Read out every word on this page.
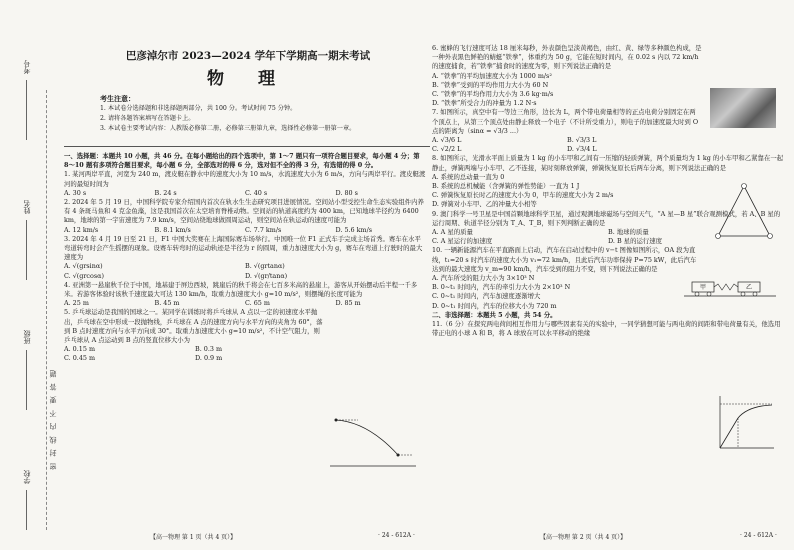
密 封 线 内 不 要 答 题
考号
姓名
班级
学校
巴彦淖尔市 2023—2024 学年下学期高一期末考试
物 理

考生注意：

1. 本试卷分选择题和非选择题两部分，共 100 分。考试时间 75 分钟。

2. 请将各题答案填写在答题卡上。

3. 本试卷主要考试内容：人教版必修第二册，必修第三册第九章，选择性必修第一册第一章。

一、选择题：本题共 10 小题，共 46 分。在每小题给出的四个选项中，第 1～7 题只有一项符合题目要求，每小题 4 分；第 8～10 题有多项符合题目要求，每小题 6 分，全部选对的得 6 分，选对但不全的得 3 分，有选错的得 0 分。

1. 某河两岸平直，河宽为 240 m，渡皮艇在静水中的速度大小为 10 m/s，水流速度大小为 6 m/s，方向与两岸平行。渡皮艇渡河的最短时间为

A. 30 s	B. 24 s	C. 40 s	D. 80 s

2. 2024 年 5 月 19 日，中国科学院专家介绍国内首次在轨水生生态研究项目进展情况。空间站小型受控生命生态实验组件内养有 4 条斑马鱼和 4 克金鱼藻，这是我国首次在太空培育脊椎动物。空间站的轨道高度约为 400 km，已知地球半径约为 6400 km，地球的第一宇宙速度为 7.9 km/s，空间站绕地球做圆周运动，则空间站在轨运动的速度可能为

A. 12 km/s	B. 8.1 km/s	C. 7.7 km/s	D. 5.6 km/s

3. 2024 年 4 月 19 日至 21 日，F1 中国大奖赛在上海国际赛车场举行。中国唯一位 F1 正式车手完成主场首秀。赛车在水平弯道转弯时会产生摇摆的现象。设赛车转弯时的运动轨迹是半径为 r 的圆周，重力加速度大小为 g，赛车在弯道上行驶时的最大速度为

A. √(grsinα)	B. √(grtanα)
C. √(grcosα)	D. √(gr/tanα)

4. 亚洲第一悬崖秋千位于中国，地基建于屏边西坡，跳崖后的秋千将会在七百多米高的悬崖上，游客从开始摆动后半程一千多米。若游客体验时该秋千速度最大可达 130 km/h，取重力加速度大小 g=10 m/s²，则摆绳的长度可能为

A. 25 m	B. 45 m	C. 65 m	D. 85 m

5. 乒乓球运动是我国的国球之一。某同学在训练时将乒乓球从 A 点以一定的初速度水平抛出，乒乓球在空中形成一段抛物线，乒乓球在 A 点的速度方向与水平方向的夹角为 60°，落到 B 点时速度方向与水平方向成 30°。取重力加速度大小 g=10 m/s²，不计空气阻力，则乒乓球从 A 点运动到 B 点的竖直位移大小为

A. 0.15 m	B. 0.3 m
C. 0.45 m	D. 0.9 m
【高一物理 第 1 页（共 4 页）】	· 24 - 612A ·

6. 蜜蜂的飞行速度可达 18 厘米每秒，外表颜色呈淡黄褐色，由红、黄、绿等多种颜色构成，是一种外表黑色鲜艳的蜻蜓“铁拳”，体重约为 50 g，它能在短时间内，在 0.02 s 内以 72 km/h 的速度捕食，若“铁拳”捕食时的速度为零，则下列说法正确的是

A. “铁拳”的平均加速度大小为 1000 m/s²

B. “铁拳”受到的平均作用力大小为 60 N

C. “铁拳”的平均作用力大小为 3.6 kg·m/s

D. “铁拳”所受合力的冲量为 1.2 N·s

7. 如图所示，真空中有一等边三角形，边长为 L，两个带电荷量相等的正点电荷分别固定在两个顶点上，从第三个顶点处由静止释放一个电子（不计所受重力），则电子的加速度最大时到 O 点的距离为（sinα = √3/3 ...）

A. √3/6 L	B. √3/3 L
C. √2/2 L	D. √3/4 L

8. 如图所示，光滑水平面上质量为 1 kg 的小车甲和乙间有一压缩的轻质弹簧，两个质量均为 1 kg 的小车甲和乙紧靠在一起静止，弹簧两端与小车甲、乙不连接，某时刻释放弹簧，弹簧恢复原长后两车分离，则下列说法正确的是

A. 系统的总动量一直为 0

B. 系统的总机械能（含弹簧的弹性势能）一直为 1 J

C. 弹簧恢复原长时乙的速度大小为 0，甲车的速度大小为 2 m/s

D. 弹簧对小车甲、乙的冲量大小相等

9. 澳门科学一号卫星是中国首颗地球科学卫星，通过观测地球磁场与空间天气，“A 星—B 星”联合观测模式，若 A、B 星的运行周期、轨道半径分别为 T_A、T_B，则下列判断正确的是

A. A 星的质量	B. 地球的质量
C. A 星运行的加速度	D. B 星的运行速度

10. 一辆新能源汽车在平直路面上启动，汽车在启动过程中的 v−t 图像如图所示，OA 段为直线，t₁=20 s 时汽车的速度大小为 v₁=72 km/h，且此后汽车功率保持 P=75 kW，此后汽车达到的最大速度为 v_m=90 km/h，汽车受到的阻力不变，则下列说法正确的是

A. 汽车所受的阻力大小为 3×10³ N

B. 0~t₁ 时间内，汽车的牵引力大小为 2×10³ N

C. 0~t₁ 时间内，汽车加速度逐渐增大

D. 0~t₁ 时间内，汽车的位移大小为 720 m

二、非选择题：本题共 5 小题，共 54 分。

11.（6 分）在探究两电荷间相互作用力与哪些因素有关的实验中，一同学猜想可能与两电荷的间距和带电荷量有关，他选用带正电的小球 A 和 B，将 A 球放在可以水平移动的绝缘

甲	乙
【高一物理 第 2 页（共 4 页）】	· 24 - 612A ·
